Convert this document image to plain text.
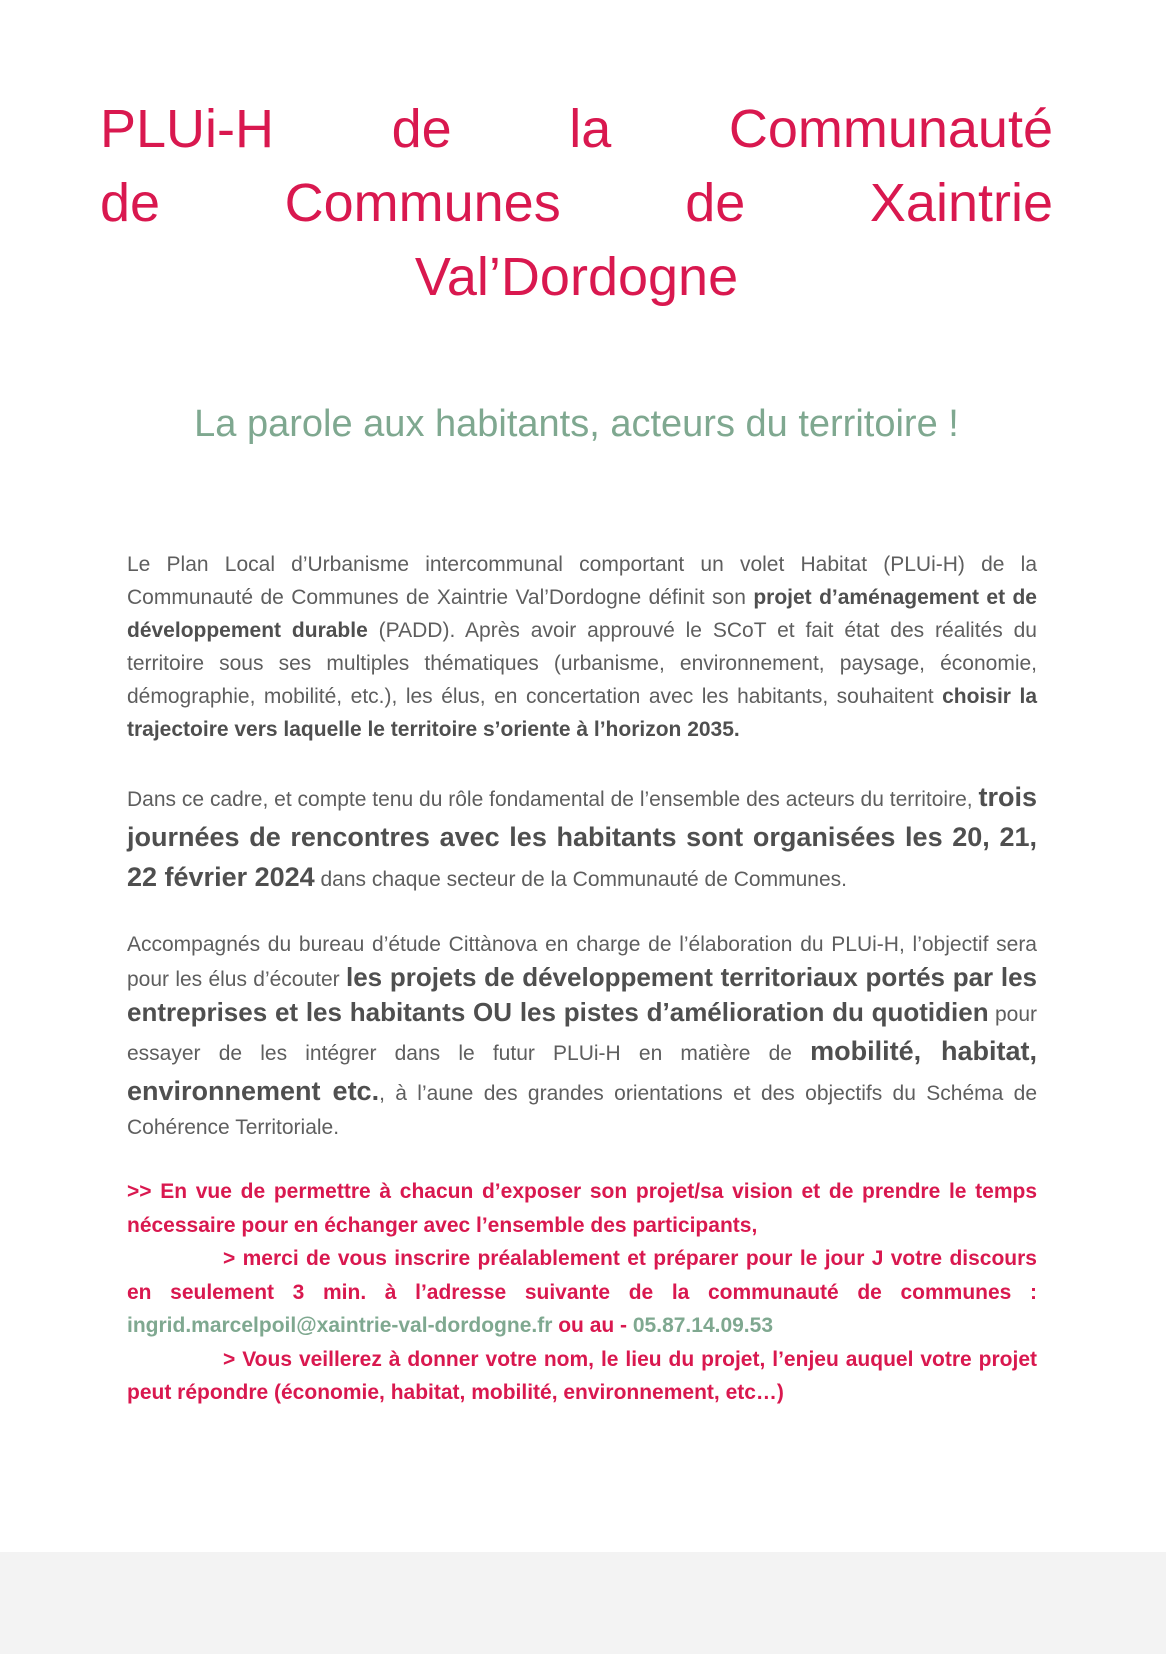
PLUi-H de la Communauté
de Communes de Xaintrie
Val’Dordogne
La parole aux habitants, acteurs du territoire !

Le Plan Local d’Urbanisme intercommunal comportant un volet Habitat (PLUi-H) de la Communauté de Communes de Xaintrie Val’Dordogne définit son projet d’aménagement et de développement durable (PADD). Après avoir approuvé le SCoT et fait état des réalités du territoire sous ses multiples thématiques (urbanisme, environnement, paysage, économie, démographie, mobilité, etc.), les élus, en concertation avec les habitants, souhaitent choisir la trajectoire vers laquelle le territoire s’oriente à l’horizon 2035.

Dans ce cadre, et compte tenu du rôle fondamental de l’ensemble des acteurs du territoire, trois journées de rencontres avec les habitants sont organisées les 20, 21, 22 février 2024 dans chaque secteur de la Communauté de Communes.

Accompagnés du bureau d’étude Cittànova en charge de l’élaboration du PLUi-H, l’objectif sera pour les élus d’écouter les projets de développement territoriaux portés par les entreprises et les habitants OU les pistes d’amélioration du quotidien pour essayer de les intégrer dans le futur PLUi-H en matière de mobilité, habitat, environnement etc., à l’aune des grandes orientations et des objectifs du Schéma de Cohérence Territoriale.

>> En vue de permettre à chacun d’exposer son projet/sa vision et de prendre le temps nécessaire pour en échanger avec l’ensemble des participants,
> merci de vous inscrire préalablement et préparer pour le jour J votre discours en seulement 3 min. à l’adresse suivante de la communauté de communes : ingrid.marcelpoil@xaintrie-val-dordogne.fr ou au - 05.87.14.09.53
> Vous veillerez à donner votre nom, le lieu du projet, l’enjeu auquel votre projet peut répondre (économie, habitat, mobilité, environnement, etc…)
